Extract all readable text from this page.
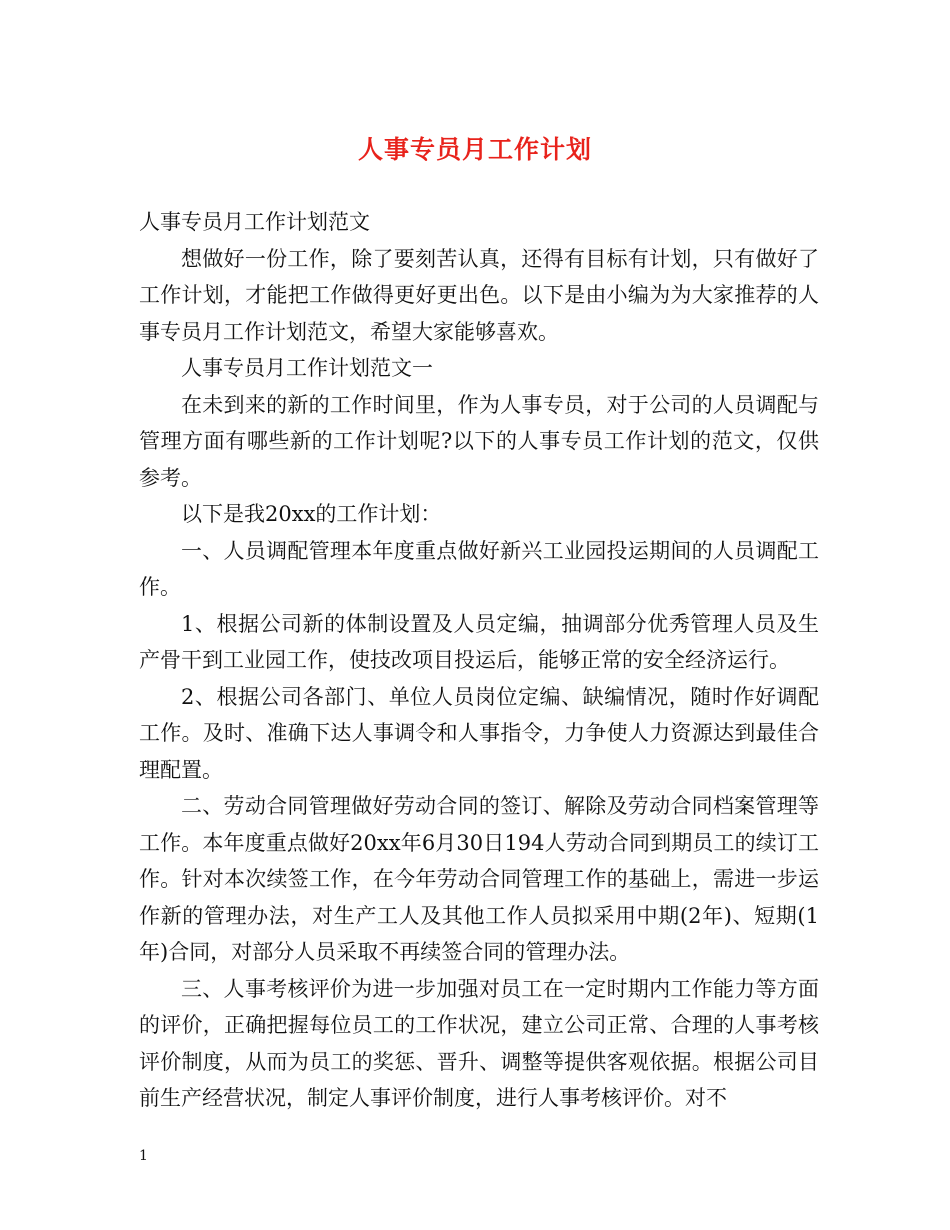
人事专员月工作计划

人事专员月工作计划范文

想做好一份工作，除了要刻苦认真，还得有目标有计划，只有做好了工作计划，才能把工作做得更好更出色。以下是由小编为为大家推荐的人事专员月工作计划范文，希望大家能够喜欢。

人事专员月工作计划范文一

在未到来的新的工作时间里，作为人事专员，对于公司的人员调配与管理方面有哪些新的工作计划呢?以下的人事专员工作计划的范文，仅供参考。

以下是我20xx的工作计划：

一、人员调配管理本年度重点做好新兴工业园投运期间的人员调配工作。

1、根据公司新的体制设置及人员定编，抽调部分优秀管理人员及生产骨干到工业园工作，使技改项目投运后，能够正常的安全经济运行。

2、根据公司各部门、单位人员岗位定编、缺编情况，随时作好调配工作。及时、准确下达人事调令和人事指令，力争使人力资源达到最佳合理配置。

二、劳动合同管理做好劳动合同的签订、解除及劳动合同档案管理等工作。本年度重点做好20xx年6月30日194人劳动合同到期员工的续订工作。针对本次续签工作，在今年劳动合同管理工作的基础上，需进一步运作新的管理办法，对生产工人及其他工作人员拟采用中期(2年)、短期(1年)合同，对部分人员采取不再续签合同的管理办法。

三、人事考核评价为进一步加强对员工在一定时期内工作能力等方面的评价，正确把握每位员工的工作状况，建立公司正常、合理的人事考核评价制度，从而为员工的奖惩、晋升、调整等提供客观依据。根据公司目前生产经营状况，制定人事评价制度，进行人事考核评价。对不

1
